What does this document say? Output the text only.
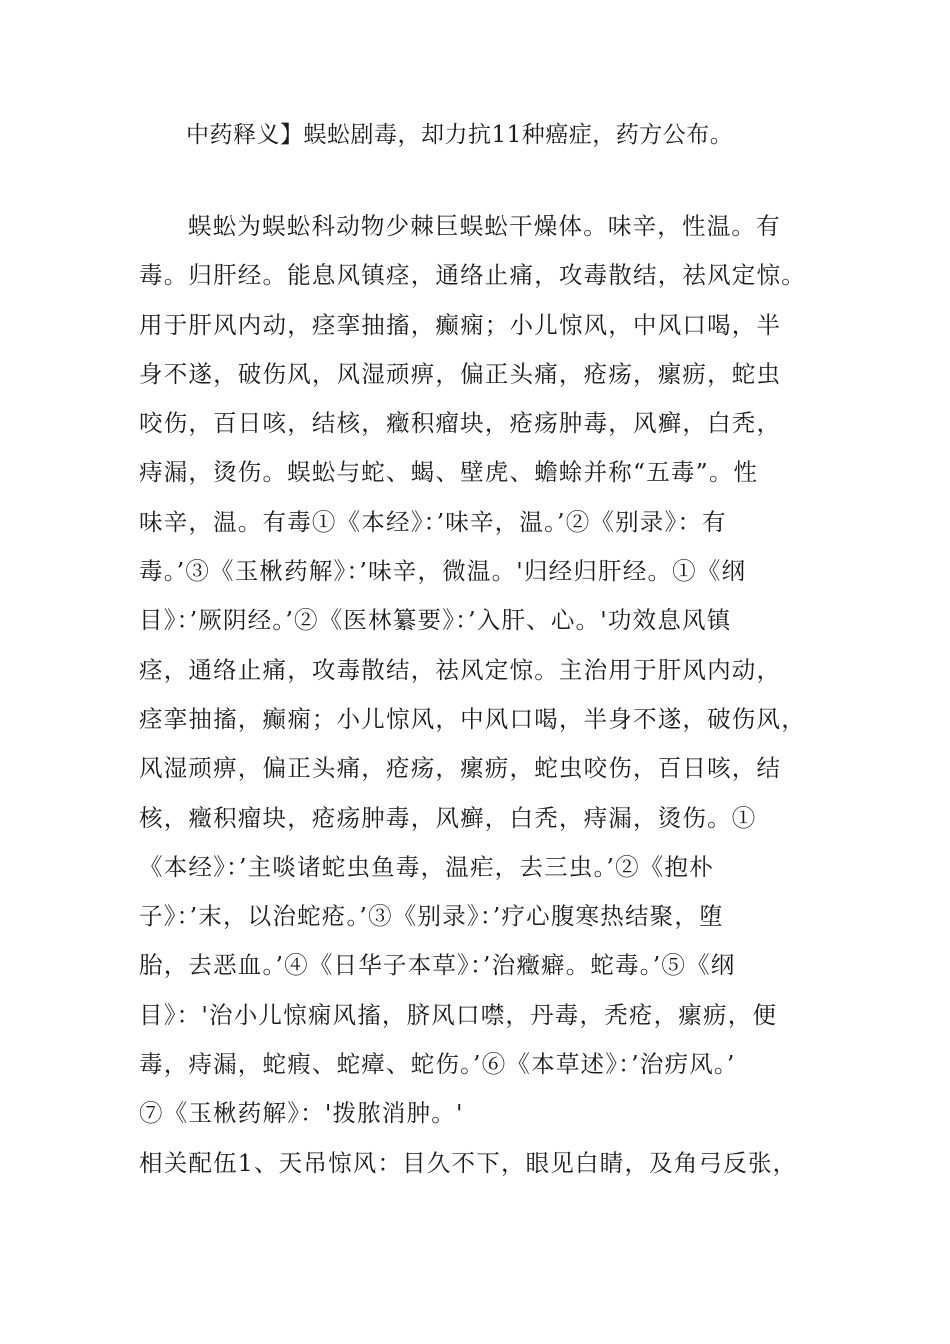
中药释义】蜈蚣剧毒，却力抗11种癌症，药方公布。
蜈蚣为蜈蚣科动物少棘巨蜈蚣干燥体。味辛，性温。有
毒。归肝经。能息风镇痉，通络止痛，攻毒散结，祛风定惊。
用于肝风内动，痉挛抽搐，癫痫；小儿惊风，中风口喝，半
身不遂，破伤风，风湿顽痹，偏正头痛，疮疡，瘰疬，蛇虫
咬伤，百日咳，结核，癥积瘤块，疮疡肿毒，风癣，白秃，
痔漏，烫伤。蜈蚣与蛇、蝎、壁虎、蟾蜍并称“五毒”。性
味辛，温。有毒①《本经》：’味辛，温。’②《别录》：有
毒。’③《玉楸药解》：’味辛，微温。'归经归肝经。①《纲
目》：’厥阴经。’②《医林纂要》：’入肝、心。'功效息风镇
痉，通络止痛，攻毒散结，祛风定惊。主治用于肝风内动，
痉挛抽搐，癫痫；小儿惊风，中风口喝，半身不遂，破伤风，
风湿顽痹，偏正头痛，疮疡，瘰疬，蛇虫咬伤，百日咳，结
核，癥积瘤块，疮疡肿毒，风癣，白秃，痔漏，烫伤。①
《本经》：’主啖诸蛇虫鱼毒，温疟，去三虫。’②《抱朴
子》：’末，以治蛇疮。’③《别录》：’疗心腹寒热结聚，堕
胎，去恶血。’④《日华子本草》：’治癥癖。蛇毒。’⑤《纲
目》：'治小儿惊痫风搐，脐风口噤，丹毒，秃疮，瘰疬，便
毒，痔漏，蛇瘕、蛇瘴、蛇伤。’⑥《本草述》：’治疠风。’
⑦《玉楸药解》：'拨脓消肿。'
相关配伍1、天吊惊风：目久不下，眼见白睛，及角弓反张，
